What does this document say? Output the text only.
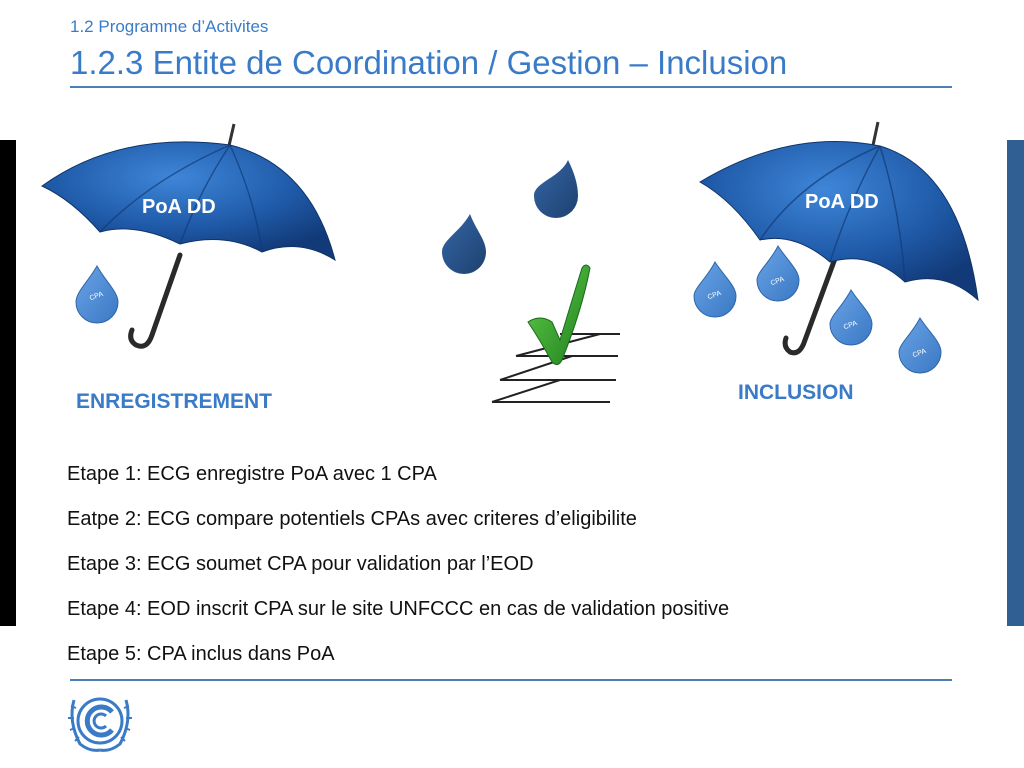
1.2 Programme d’Activites
1.2.3 Entite de Coordination / Gestion – Inclusion
CPA	CPA
CPA
CPA
CPA
PoA DD	PoA DD
ENREGISTREMENT	INCLUSION
Etape 1: ECG enregistre PoA avec 1 CPA
Eatpe 2: ECG compare potentiels CPAs avec criteres d’eligibilite
Etape 3: ECG soumet CPA pour validation par l’EOD
Etape 4: EOD inscrit CPA sur le site UNFCCC en cas de validation positive
Etape 5: CPA inclus dans PoA
